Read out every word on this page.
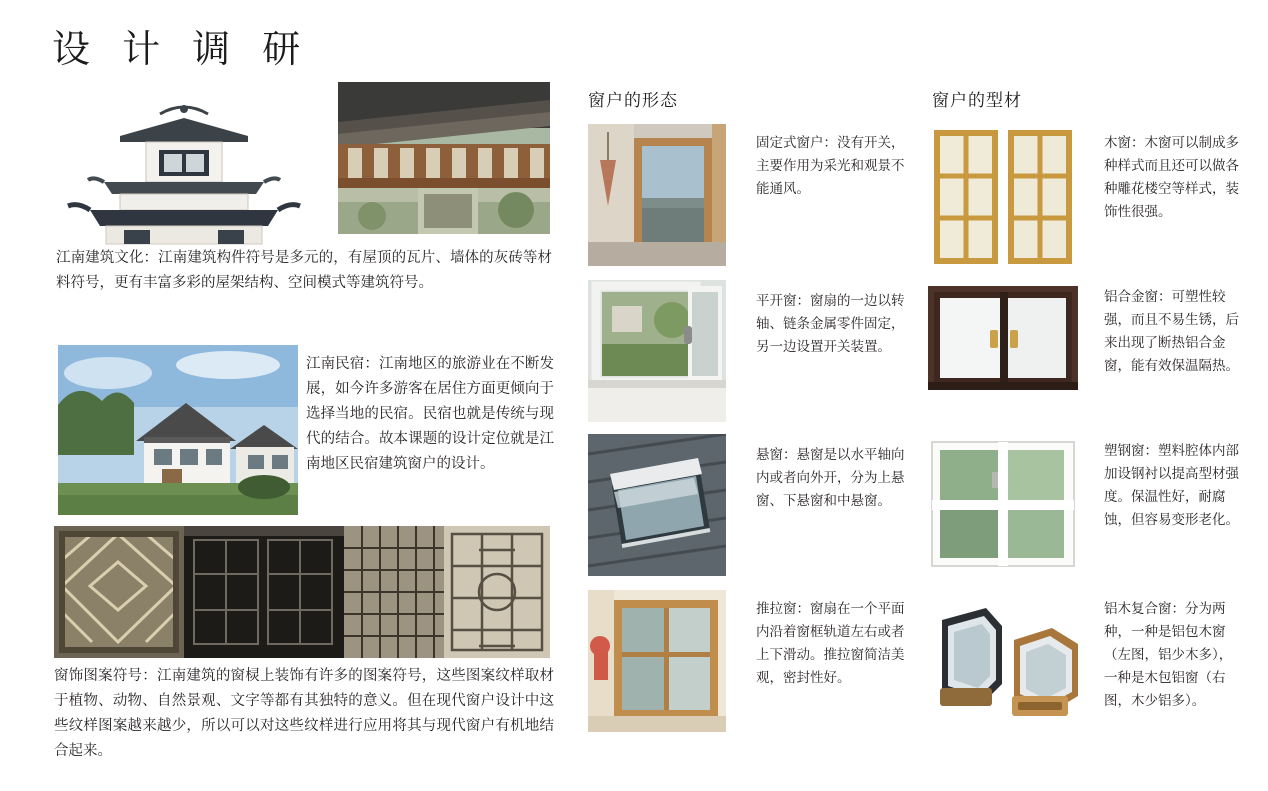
设 计 调 研
江南建筑文化：江南建筑构件符号是多元的，有屋顶的瓦片、墙体的灰砖等材料符号，更有丰富多彩的屋架结构、空间模式等建筑符号。
江南民宿：江南地区的旅游业在不断发展，如今许多游客在居住方面更倾向于选择当地的民宿。民宿也就是传统与现代的结合。故本课题的设计定位就是江南地区民宿建筑窗户的设计。
窗饰图案符号：江南建筑的窗棂上装饰有许多的图案符号，这些图案纹样取材于植物、动物、自然景观、文字等都有其独特的意义。但在现代窗户设计中这些纹样图案越来越少，所以可以对这些纹样进行应用将其与现代窗户有机地结合起来。
窗户的形态
固定式窗户：没有开关，主要作用为采光和观景不能通风。
平开窗：窗扇的一边以转轴、链条金属零件固定，另一边设置开关装置。
悬窗：悬窗是以水平轴向内或者向外开，分为上悬窗、下悬窗和中悬窗。
推拉窗：窗扇在一个平面内沿着窗框轨道左右或者上下滑动。推拉窗简洁美观，密封性好。
窗户的型材
木窗：木窗可以制成多种样式而且还可以做各种雕花楼空等样式，装饰性很强。
铝合金窗：可塑性较强，而且不易生锈，后来出现了断热铝合金窗，能有效保温隔热。
塑钢窗：塑料腔体内部加设钢衬以提高型材强度。保温性好，耐腐蚀，但容易变形老化。
铝木复合窗：分为两种，一种是铝包木窗（左图，铝少木多），一种是木包铝窗（右图，木少铝多）。
